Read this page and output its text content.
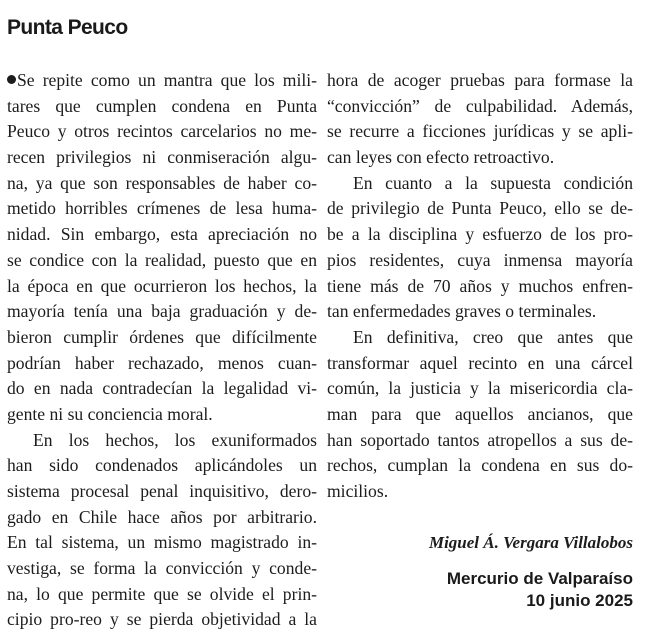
Punta Peuco
Se repite como un mantra que los mili-
tares que cumplen condena en Punta
Peuco y otros recintos carcelarios no me-
recen privilegios ni conmiseración algu-
na, ya que son responsables de haber co-
metido horribles crímenes de lesa huma-
nidad. Sin embargo, esta apreciación no
se condice con la realidad, puesto que en
la época en que ocurrieron los hechos, la
mayoría tenía una baja graduación y de-
bieron cumplir órdenes que difícilmente
podrían haber rechazado, menos cuan-
do en nada contradecían la legalidad vi-
gente ni su conciencia moral.
En los hechos, los exuniformados
han sido condenados aplicándoles un
sistema procesal penal inquisitivo, dero-
gado en Chile hace años por arbitrario.
En tal sistema, un mismo magistrado in-
vestiga, se forma la convicción y conde-
na, lo que permite que se olvide el prin-
cipio pro-reo y se pierda objetividad a la
hora de acoger pruebas para formase la
“convicción” de culpabilidad. Además,
se recurre a ficciones jurídicas y se apli-
can leyes con efecto retroactivo.
En cuanto a la supuesta condición
de privilegio de Punta Peuco, ello se de-
be a la disciplina y esfuerzo de los pro-
pios residentes, cuya inmensa mayoría
tiene más de 70 años y muchos enfren-
tan enfermedades graves o terminales.
En definitiva, creo que antes que
transformar aquel recinto en una cárcel
común, la justicia y la misericordia cla-
man para que aquellos ancianos, que
han soportado tantos atropellos a sus de-
rechos, cumplan la condena en sus do-
micilios.
Miguel Á. Vergara Villalobos
Mercurio de Valparaíso
10 junio 2025
